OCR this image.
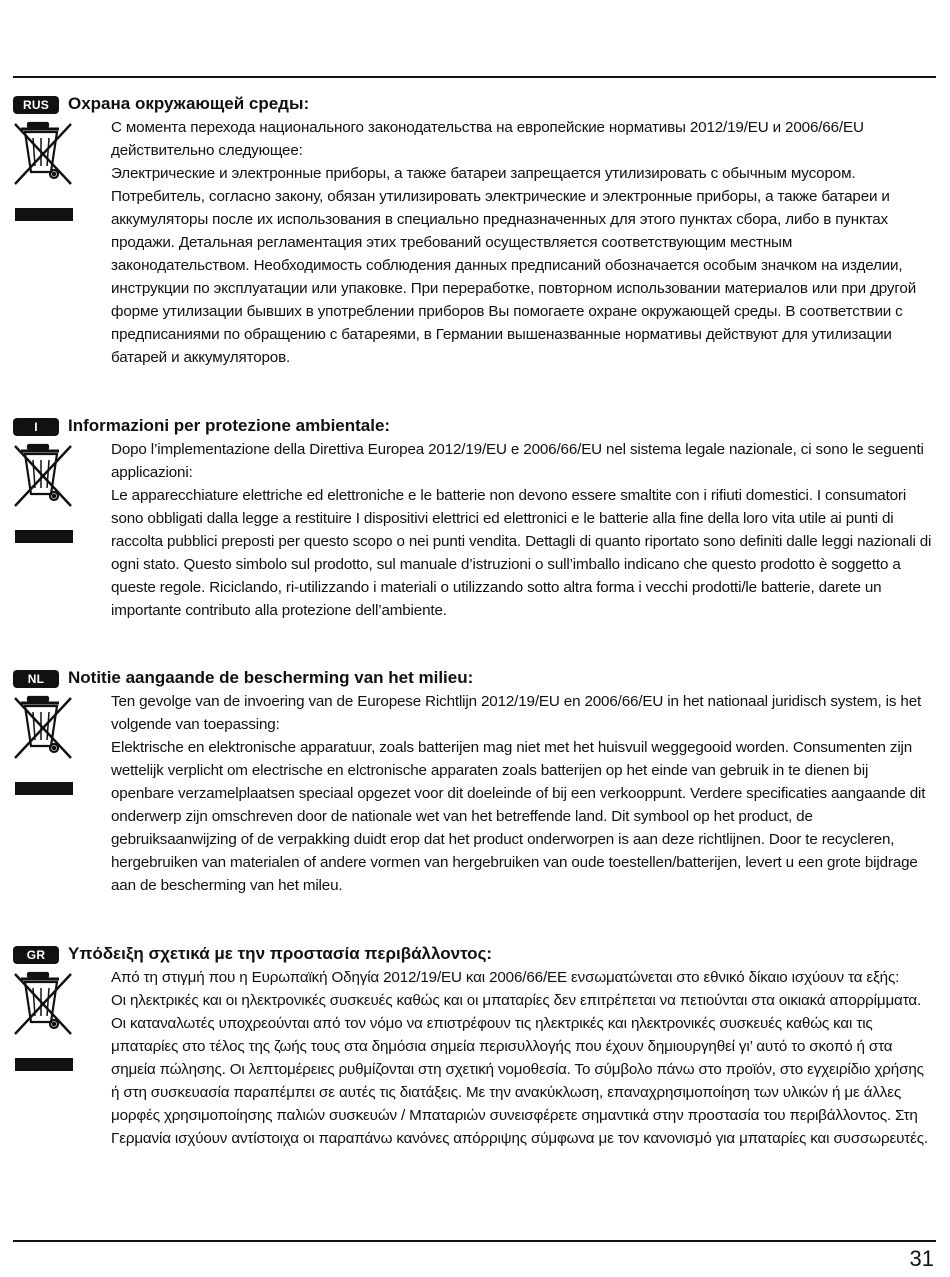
RUS	Охрана окружающей среды:

С момента перехода национального законодательства на европейские нормативы 2012/19/EU и 2006/66/EU действительно следующее:

Электрические и электронные приборы, а также батареи запрещается утилизировать с обычным мусором. Потребитель, согласно закону, обязан утилизировать электрические и электронные приборы, а также батареи и аккумуляторы после их использования в специально предназначенных для этого пунктах сбора, либо в пунктах продажи. Детальная регламентация этих требований осуществляется соответствующим местным законодательством. Необходимость соблюдения данных предписаний обозначается особым значком на изделии, инструкции по эксплуатации или упаковке. При переработке, повторном использовании материалов или при другой форме утилизации бывших в употреблении приборов Вы помогаете охране окружающей среды. В соответствии с предписаниями по обращению с батареями, в Германии вышеназванные нормативы действуют для утилизации батарей и аккумуляторов.

I	Informazioni per protezione ambientale:

Dopo l’implementazione della Direttiva Europea 2012/19/EU e 2006/66/EU nel sistema legale nazionale, ci sono le seguenti applicazioni:

Le apparecchiature elettriche ed elettroniche e le batterie non devono essere smaltite con i rifiuti domestici. I consumatori sono obbligati dalla legge a restituire I dispositivi elettrici ed elettronici e le batterie alla fine della loro vita utile ai punti di raccolta pubblici preposti per questo scopo o nei punti vendita. Dettagli di quanto riportato sono definiti dalle leggi nazionali di ogni stato. Questo simbolo sul prodotto, sul manuale d’istruzioni o sull’imballo indicano che questo prodotto è soggetto a queste regole. Riciclando, ri-utilizzando i materiali o utilizzando sotto altra forma i vecchi prodotti/le batterie, darete un importante contributo alla protezione dell’ambiente.

NL	Notitie aangaande de bescherming van het milieu:

Ten gevolge van de invoering van de Europese Richtlijn 2012/19/EU en 2006/66/EU in het nationaal juridisch system, is het volgende van toepassing:

Elektrische en elektronische apparatuur, zoals batterijen mag niet met het huisvuil weggegooid worden. Consumenten zijn wettelijk verplicht om electrische en elctronische apparaten zoals batterijen op het einde van gebruik in te dienen bij openbare verzamelplaatsen speciaal opgezet voor dit doeleinde of bij een verkooppunt. Verdere specificaties aangaande dit onderwerp zijn omschreven door de nationale wet van het betreffende land. Dit symbool op het product, de gebruiksaanwijzing of de verpakking duidt erop dat het product onderworpen is aan deze richtlijnen. Door te recycleren, hergebruiken van materialen of andere vormen van hergebruiken van oude toestellen/batterijen, levert u een grote bijdrage aan de bescherming van het mileu.

GR	Υπόδειξη σχετικά με την προστασία περιβάλλοντος:

Από τη στιγμή που η Ευρωπαϊκή Οδηγία 2012/19/EU και 2006/66/EE ενσωματώνεται στο εθνικό δίκαιο ισχύουν τα εξής:

Οι ηλεκτρικές και οι ηλεκτρονικές συσκευές καθώς και οι μπαταρίες δεν επιτρέπεται να πετιούνται στα οικιακά απορρίμματα. Οι καταναλωτές υποχρεούνται από τον νόμο να επιστρέφουν τις ηλεκτρικές και ηλεκτρονικές συσκευές καθώς και τις μπαταρίες στο τέλος της ζωής τους στα δημόσια σημεία περισυλλογής που έχουν δημιουργηθεί γι’ αυτό το σκοπό ή στα σημεία πώλησης. Οι λεπτομέρειες ρυθμίζονται στη σχετική νομοθεσία. Το σύμβολο πάνω στο προϊόν, στο εγχειρίδιο χρήσης ή στη συσκευασία παραπέμπει σε αυτές τις διατάξεις. Με την ανακύκλωση, επαναχρησιμοποίηση των υλικών ή με άλλες μορφές χρησιμοποίησης παλιών συσκευών / Μπαταριών συνεισφέρετε σημαντικά στην προστασία του περιβάλλοντος. Στη Γερμανία ισχύουν αντίστοιχα οι παραπάνω κανόνες απόρριψης σύμφωνα με τον κανονισμό για μπαταρίες και συσσωρευτές.

31
